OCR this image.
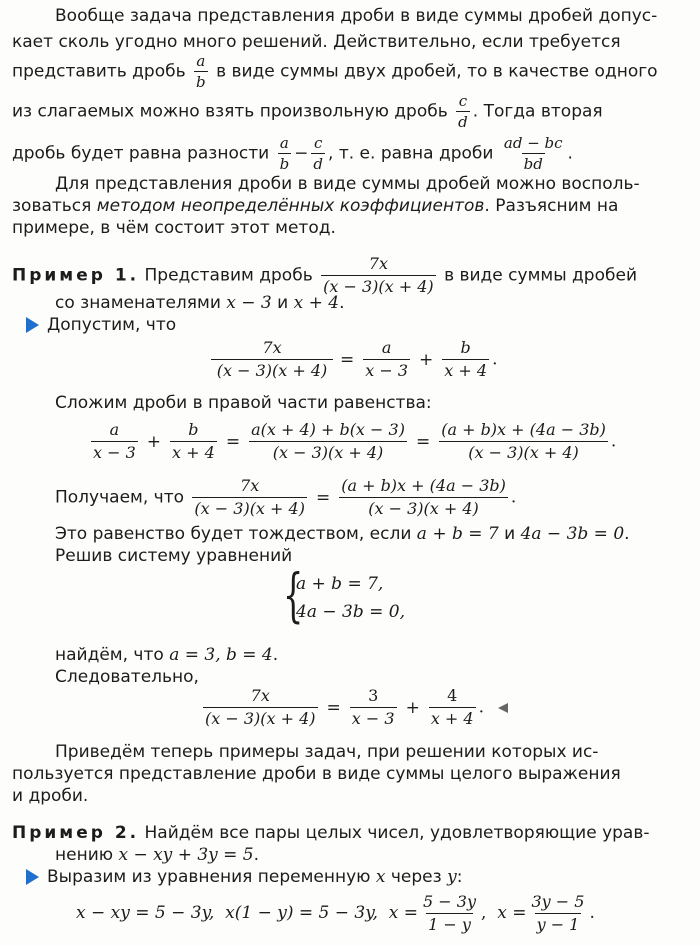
Вообще задача представления дроби в виде суммы дробей допус-
кает сколь угодно много решений. Действительно, если требуется
представить дробь $\frac{a}{b}$ в виде суммы двух дробей, то в качестве одного
из слагаемых можно взять произвольную дробь $\frac{c}{d}$ . Тогда вторая
дробь будет равна разности $\frac{a}{b} - \frac{c}{d}$ , т. е. равна дроби $\frac{ad - bc}{bd}$ .
Для представления дроби в виде суммы дробей можно восполь-
зоваться методом неопределённых коэффициентов. Разъясним на
примере, в чём состоит этот метод.
Пример 1. Представим дробь $\frac{7x}{(x - 3)(x + 4)}$ в виде суммы дробей
со знаменателями x − 3 и x + 4.
Допустим, что
$\frac{7x}{(x - 3)(x + 4)} = \frac{a}{x - 3} + \frac{b}{x + 4}$ .
Сложим дроби в правой части равенства:
$\frac{a}{x - 3} + \frac{b}{x + 4} = \frac{a(x + 4) + b(x - 3)}{(x - 3)(x + 4)} = \frac{(a + b)x + (4a - 3b)}{(x - 3)(x + 4)}$ .
Получаем, что $\frac{7x}{(x - 3)(x + 4)} = \frac{(a + b)x + (4a - 3b)}{(x - 3)(x + 4)}$ .
Это равенство будет тождеством, если a + b = 7 и 4a − 3b = 0.
Решив систему уравнений
{
a + b = 7,
4a − 3b = 0,
найдём, что a = 3, b = 4.
Следовательно,
$\frac{7x}{(x - 3)(x + 4)} = \frac{3}{x - 3} + \frac{4}{x + 4}$ .
Приведём теперь примеры задач, при решении которых ис-
пользуется представление дроби в виде суммы целого выражения
и дроби.
Пример 2. Найдём все пары целых чисел, удовлетворяющие урав-
нению x − xy + 3y = 5.
Выразим из уравнения переменную x через y:
x − xy = 5 − 3y, x(1 − y) = 5 − 3y, $x = \frac{5 - 3y}{1 - y}$ , $x = \frac{3y - 5}{y - 1}$ .
